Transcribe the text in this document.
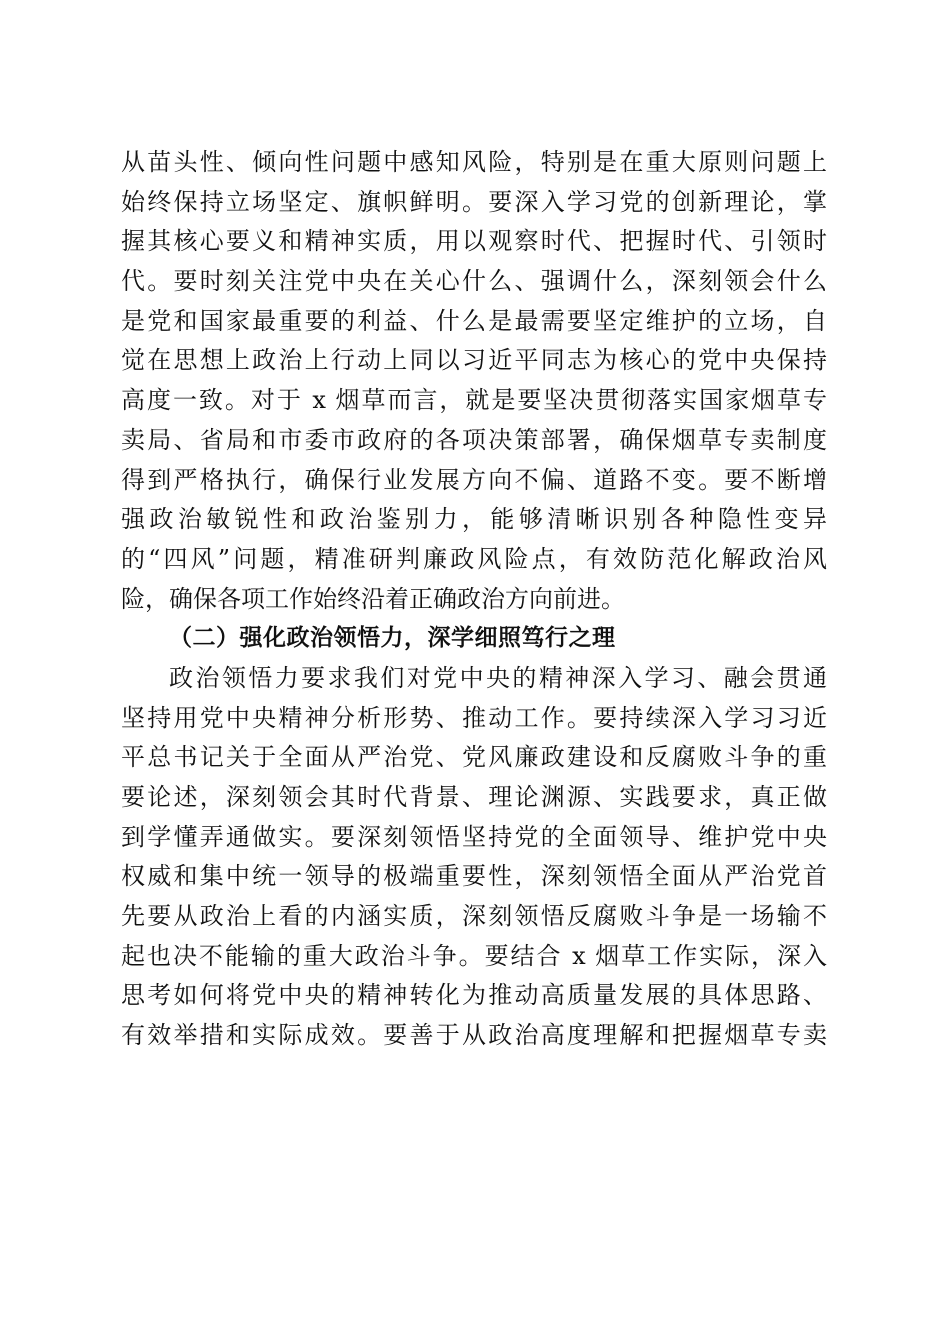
从苗头性、倾向性问题中感知风险，特别是在重大原则问题上
始终保持立场坚定、旗帜鲜明。要深入学习党的创新理论，掌
握其核心要义和精神实质，用以观察时代、把握时代、引领时
代。要时刻关注党中央在关心什么、强调什么，深刻领会什么
是党和国家最重要的利益、什么是最需要坚定维护的立场，自
觉在思想上政治上行动上同以习近平同志为核心的党中央保持
高度一致。对于 x 烟草而言，就是要坚决贯彻落实国家烟草专
卖局、省局和市委市政府的各项决策部署，确保烟草专卖制度
得到严格执行，确保行业发展方向不偏、道路不变。要不断增
强政治敏锐性和政治鉴别力，能够清晰识别各种隐性变异
的“四风”问题，精准研判廉政风险点，有效防范化解政治风
险，确保各项工作始终沿着正确政治方向前进。
（二）强化政治领悟力，深学细照笃行之理
政治领悟力要求我们对党中央的精神深入学习、融会贯通
坚持用党中央精神分析形势、推动工作。要持续深入学习习近
平总书记关于全面从严治党、党风廉政建设和反腐败斗争的重
要论述，深刻领会其时代背景、理论渊源、实践要求，真正做
到学懂弄通做实。要深刻领悟坚持党的全面领导、维护党中央
权威和集中统一领导的极端重要性，深刻领悟全面从严治党首
先要从政治上看的内涵实质，深刻领悟反腐败斗争是一场输不
起也决不能输的重大政治斗争。要结合 x 烟草工作实际，深入
思考如何将党中央的精神转化为推动高质量发展的具体思路、
有效举措和实际成效。要善于从政治高度理解和把握烟草专卖
